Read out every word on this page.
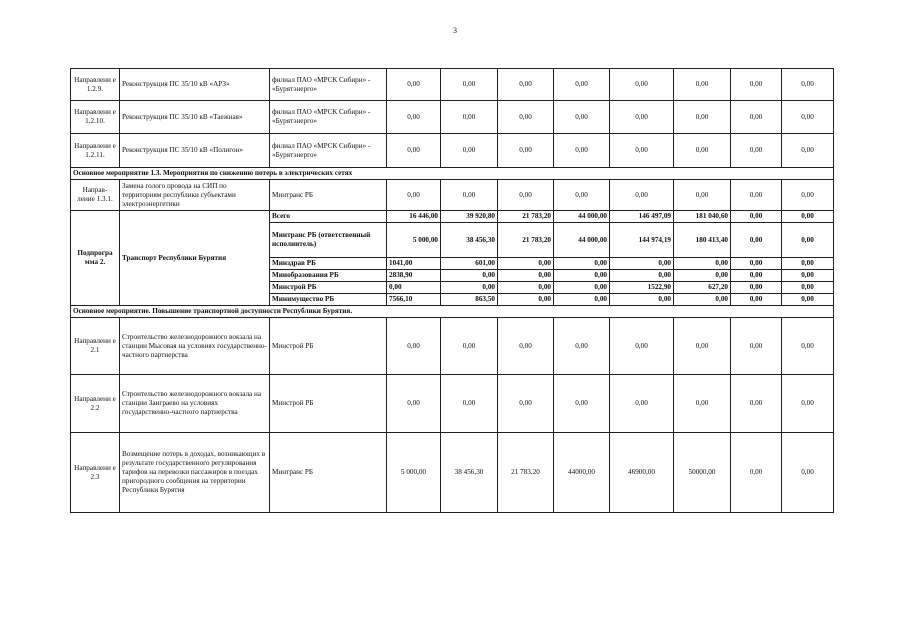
3
Направлени е 1.2.9.	Реконструкция ПС 35/10 кВ «АРЗ»	филиал ПАО «МРСК Сибири» - «Бурятэнерго»	0,00	0,00	0,00	0,00	0,00	0,00	0,00	0,00
Направлени е 1.2.10.	Реконструкция ПС 35/10 кВ «Таежная»	филиал ПАО «МРСК Сибири» - «Бурятэнерго»	0,00	0,00	0,00	0,00	0,00	0,00	0,00	0,00
Направлени е 1.2.11.	Реконструкция ПС 35/10 кВ «Полигон»	филиал ПАО «МРСК Сибири» - «Бурятэнерго»	0,00	0,00	0,00	0,00	0,00	0,00	0,00	0,00
Основное мероприятие 1.3. Мероприятия по снижению потерь в электрических сетях										
Направ- ление 1.3.1.	Замена голого провода на СИП по территориям республики субъектами электроэнергетики	Минтранс РБ	0,00	0,00	0,00	0,00	0,00	0,00	0,00	0,00
Подпрогра мма 2.	Транспорт Республики Бурятия	Всего	16 446,00	39 920,80	21 783,20	44 000,00	146 497,09	181 040,60	0,00	0,00
		Минтранс РБ (ответственный исполнитель)	5 000,00	38 456,30	21 783,20	44 000,00	144 974,19	180 413,40	0,00	0,00
		Минздрав РБ	1041,00	601,00	0,00	0,00	0,00	0,00	0,00	0,00
		Минобразования РБ	2838,90	0,00	0,00	0,00	0,00	0,00	0,00	0,00
		Минстрой РБ	0,00	0,00	0,00	0,00	1522,90	627,20	0,00	0,00
		Минимущество РБ	7566,10	863,50	0,00	0,00	0,00	0,00	0,00	0,00
Основное мероприятие. Повышение транспортной доступности Республики Бурятия.										
Направлени е 2.1	Строительство железнодорожного вокзала на станции Мысовая на условиях государственно-частного партнерства	Минстрой РБ	0,00	0,00	0,00	0,00	0,00	0,00	0,00	0,00
Направлени е 2.2	Строительство железнодорожного вокзала на станции Заиграево на условиях государственно-частного партнерства	Минстрой РБ	0,00	0,00	0,00	0,00	0,00	0,00	0,00	0,00
Направлени е 2.3	Возмещение потерь в доходах, возникающих в результате государственного регулирования тарифов на перевозки пассажиров в поездах пригородного сообщения на территории Республики Бурятия	Минтранс РБ	5 000,00	38 456,30	21 783,20	44000,00	46900,00	50000,00	0,00	0,00
